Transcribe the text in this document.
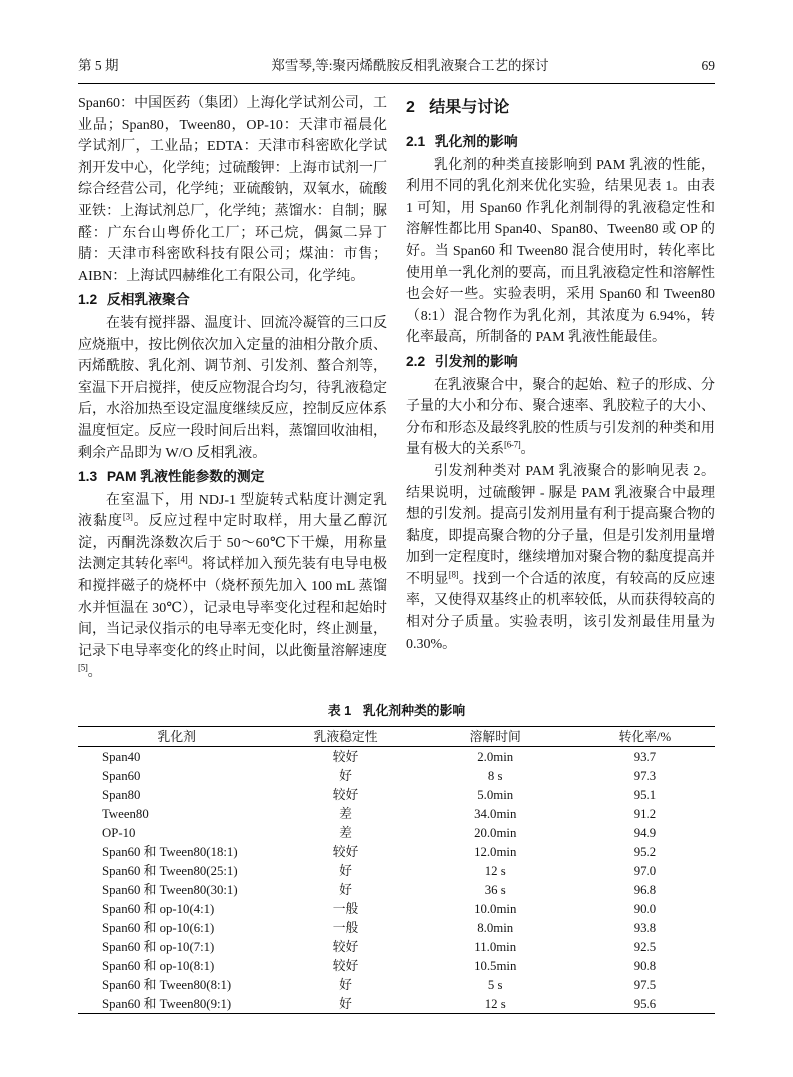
第 5 期	郑雪琴,等:聚丙烯酰胺反相乳液聚合工艺的探讨	69

Span60：中国医药（集团）上海化学试剂公司，工业品；Span80，Tween80，OP-10：天津市福晨化学试剂厂，工业品；EDTA：天津市科密欧化学试剂开发中心，化学纯；过硫酸钾：上海市试剂一厂综合经营公司，化学纯；亚硫酸钠，双氧水，硫酸亚铁：上海试剂总厂，化学纯；蒸馏水：自制；脲醛：广东台山粤侨化工厂；环己烷，偶氮二异丁腈：天津市科密欧科技有限公司；煤油：市售；AIBN：上海试四赫维化工有限公司，化学纯。

1.2 反相乳液聚合

在装有搅拌器、温度计、回流冷凝管的三口反应烧瓶中，按比例依次加入定量的油相分散介质、丙烯酰胺、乳化剂、调节剂、引发剂、螯合剂等，室温下开启搅拌，使反应物混合均匀，待乳液稳定后，水浴加热至设定温度继续反应，控制反应体系温度恒定。反应一段时间后出料，蒸馏回收油相，剩余产品即为 W/O 反相乳液。

1.3 PAM 乳液性能参数的测定

在室温下，用 NDJ-1 型旋转式粘度计测定乳液黏度[3]。反应过程中定时取样，用大量乙醇沉淀，丙酮洗涤数次后于 50～60℃下干燥，用称量法测定其转化率[4]。将试样加入预先装有电导电极和搅拌磁子的烧杯中（烧杯预先加入 100 mL 蒸馏水并恒温在 30℃），记录电导率变化过程和起始时间，当记录仪指示的电导率无变化时，终止测量，记录下电导率变化的终止时间，以此衡量溶解速度[5]。

2 结果与讨论
2.1 乳化剂的影响

乳化剂的种类直接影响到 PAM 乳液的性能，利用不同的乳化剂来优化实验，结果见表 1。由表 1 可知，用 Span60 作乳化剂制得的乳液稳定性和溶解性都比用 Span40、Span80、Tween80 或 OP 的好。当 Span60 和 Tween80 混合使用时，转化率比使用单一乳化剂的要高，而且乳液稳定性和溶解性也会好一些。实验表明，采用 Span60 和 Tween80（8:1）混合物作为乳化剂，其浓度为 6.94%，转化率最高，所制备的 PAM 乳液性能最佳。

2.2 引发剂的影响

在乳液聚合中，聚合的起始、粒子的形成、分子量的大小和分布、聚合速率、乳胶粒子的大小、分布和形态及最终乳胶的性质与引发剂的种类和用量有极大的关系[6-7]。

引发剂种类对 PAM 乳液聚合的影响见表 2。结果说明，过硫酸钾 - 脲是 PAM 乳液聚合中最理想的引发剂。提高引发剂用量有利于提高聚合物的黏度，即提高聚合物的分子量，但是引发剂用量增加到一定程度时，继续增加对聚合物的黏度提高并不明显[8]。找到一个合适的浓度，有较高的反应速率，又使得双基终止的机率较低，从而获得较高的相对分子质量。实验表明，该引发剂最佳用量为 0.30%。

表 1 乳化剂种类的影响
乳化剂	乳液稳定性	溶解时间	转化率/%
Span40	较好	2.0min	93.7
Span60	好	8 s	97.3
Span80	较好	5.0min	95.1
Tween80	差	34.0min	91.2
OP-10	差	20.0min	94.9
Span60 和 Tween80(18:1)	较好	12.0min	95.2
Span60 和 Tween80(25:1)	好	12 s	97.0
Span60 和 Tween80(30:1)	好	36 s	96.8
Span60 和 op-10(4:1)	一般	10.0min	90.0
Span60 和 op-10(6:1)	一般	8.0min	93.8
Span60 和 op-10(7:1)	较好	11.0min	92.5
Span60 和 op-10(8:1)	较好	10.5min	90.8
Span60 和 Tween80(8:1)	好	5 s	97.5
Span60 和 Tween80(9:1)	好	12 s	95.6
